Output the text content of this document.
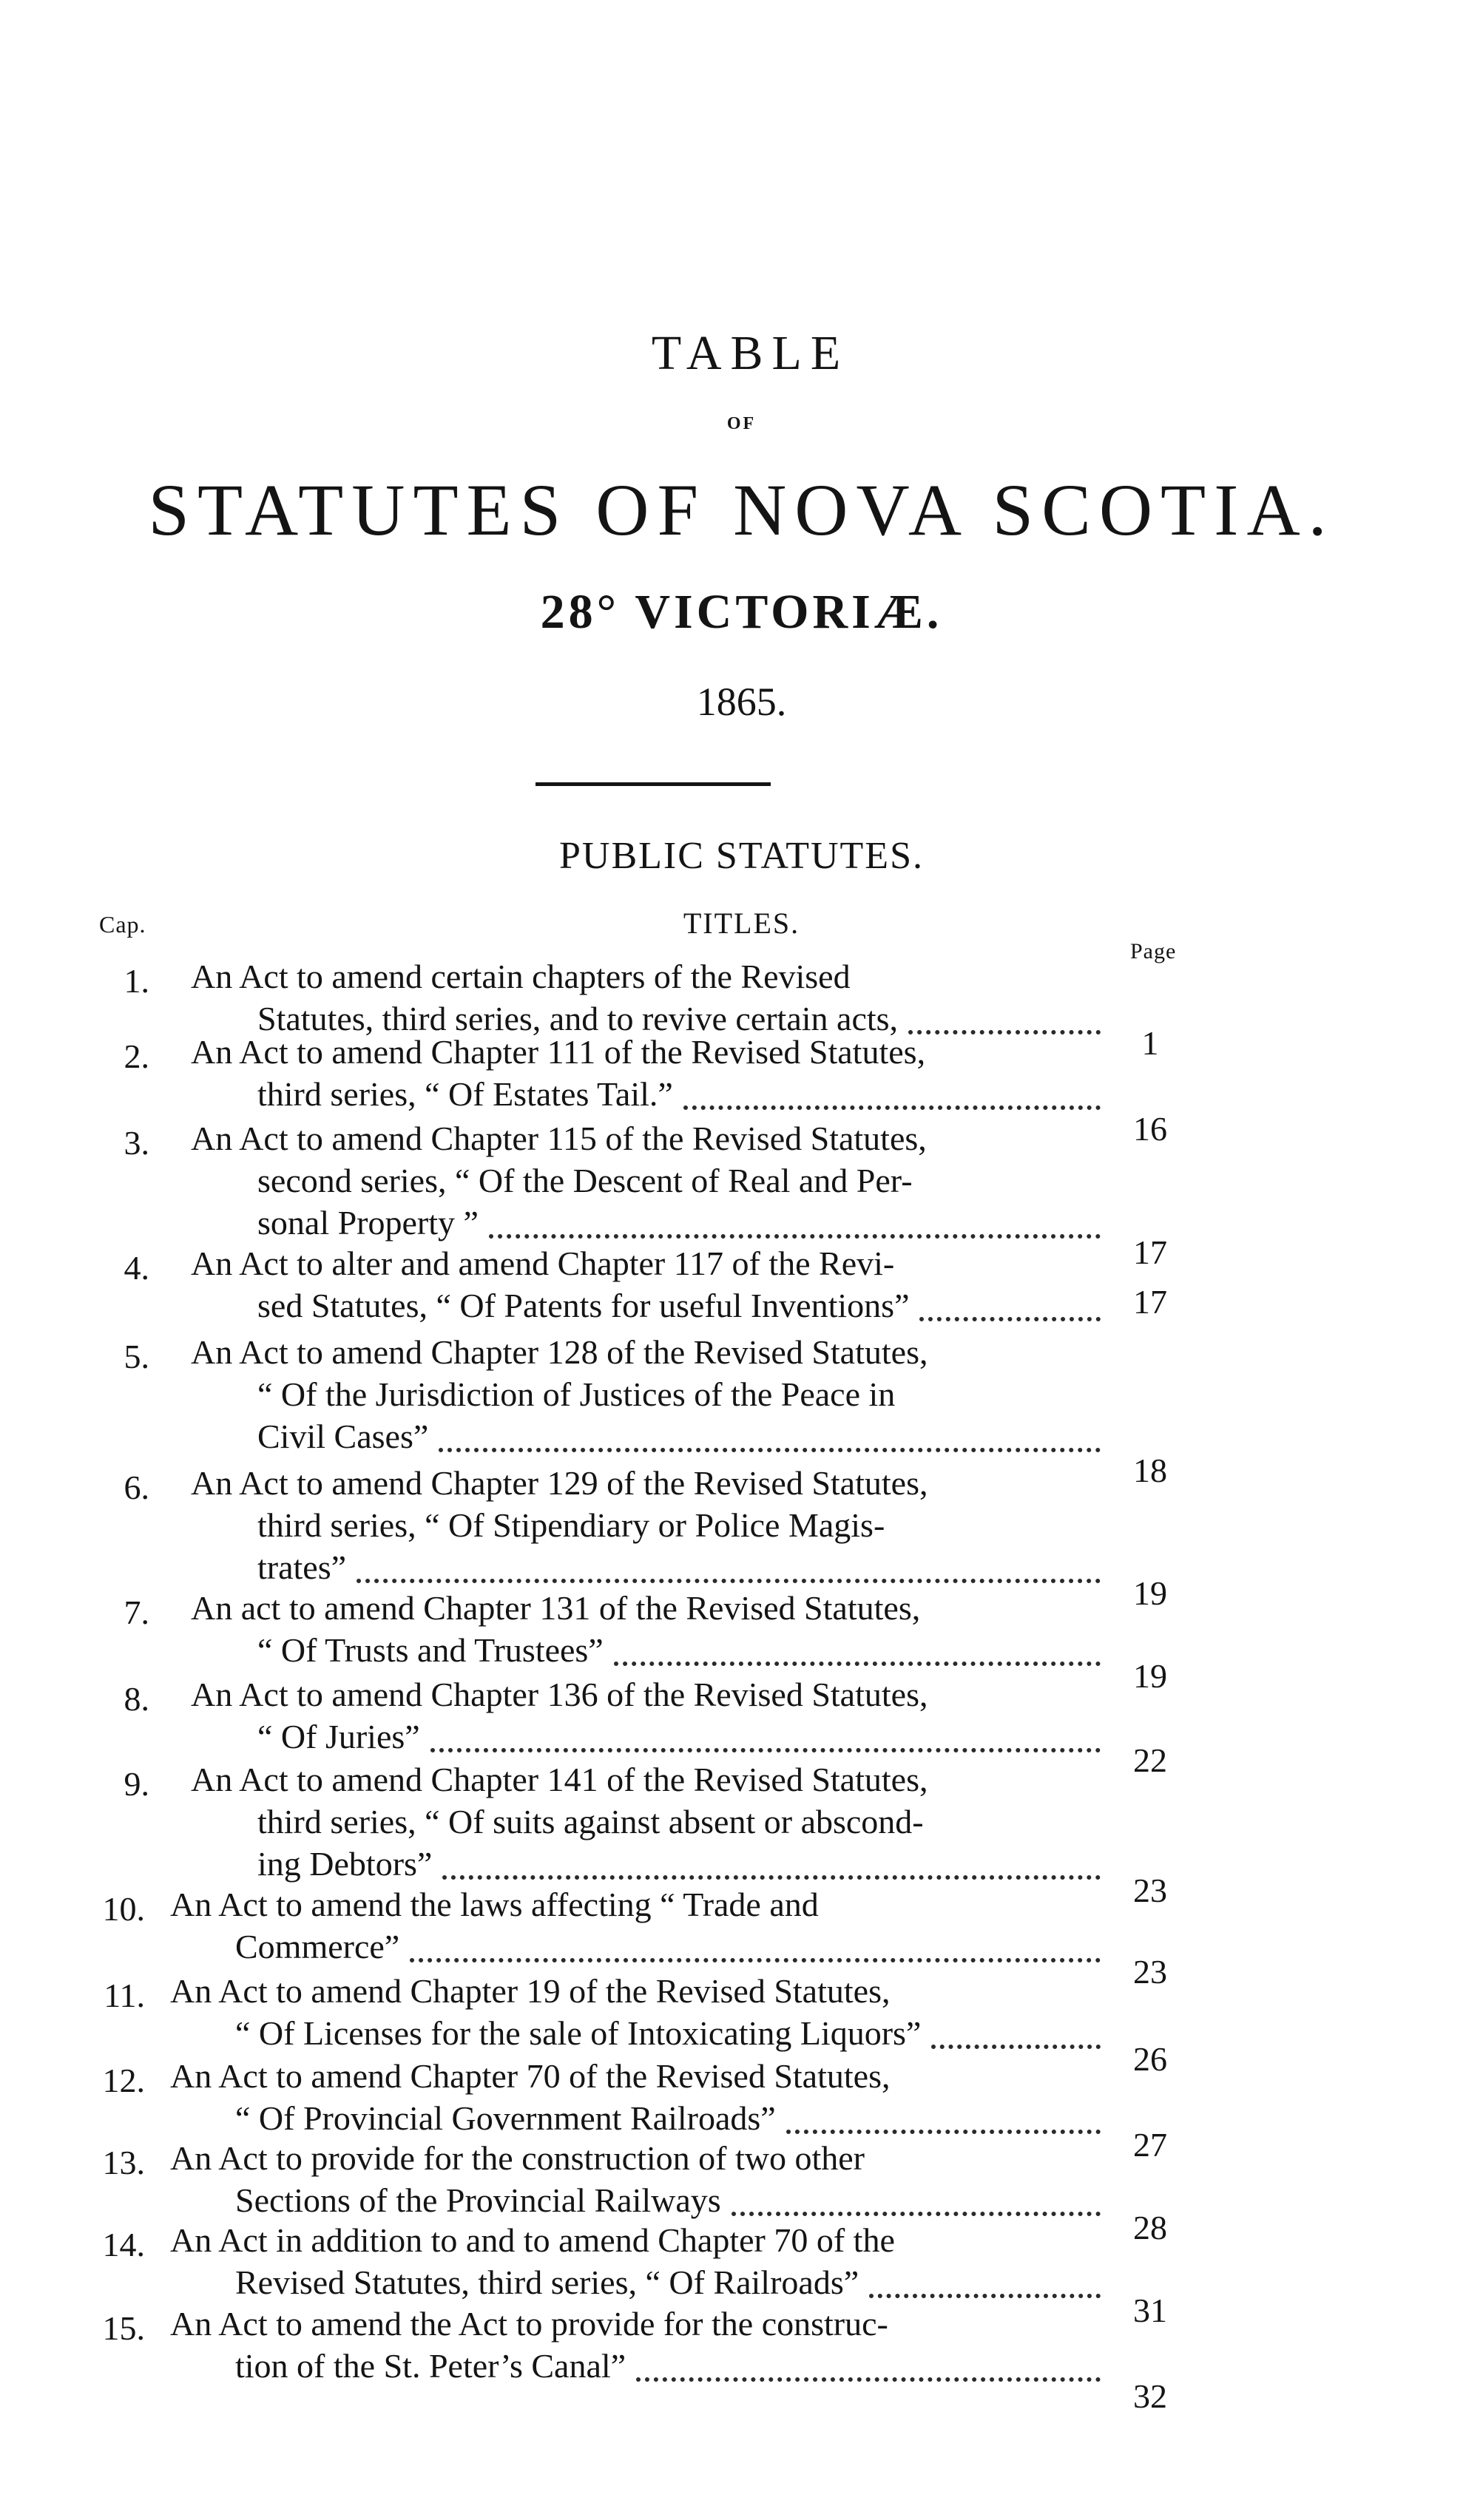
TABLE
OF
STATUTES OF NOVA SCOTIA.
28° VICTORIÆ.
1865.
PUBLIC STATUTES.
TITLES.
Cap.
Page
1. An Act to amend certain chapters of the Revised
Statutes, third series, and to revive certain acts,
1
2. An Act to amend Chapter 111 of the Revised Statutes,
third series, “ Of Estates Tail.”
16
3. An Act to amend Chapter 115 of the Revised Statutes,
second series, “ Of the Descent of Real and Per-
sonal Property ”
17
4. An Act to alter and amend Chapter 117 of the Revi-
sed Statutes, “ Of Patents for useful Inventions”	17
5. An Act to amend Chapter 128 of the Revised Statutes,
“ Of the Jurisdiction of Justices of the Peace in
Civil Cases”
18
6. An Act to amend Chapter 129 of the Revised Statutes,
third series, “ Of Stipendiary or Police Magis-
trates”
19
7. An act to amend Chapter 131 of the Revised Statutes,
“ Of Trusts and Trustees”
19
8. An Act to amend Chapter 136 of the Revised Statutes,
“ Of Juries”
22
9. An Act to amend Chapter 141 of the Revised Statutes,
third series, “ Of suits against absent or abscond-
ing Debtors”
23
10. An Act to amend the laws affecting “ Trade and
Commerce”
23
11. An Act to amend Chapter 19 of the Revised Statutes,
“ Of Licenses for the sale of Intoxicating Liquors”
26
12. An Act to amend Chapter 70 of the Revised Statutes,
“ Of Provincial Government Railroads”
27
13. An Act to provide for the construction of two other
Sections of the Provincial Railways
28
14. An Act in addition to and to amend Chapter 70 of the
Revised Statutes, third series, “ Of Railroads”
31
15. An Act to amend the Act to provide for the construc-
tion of the St. Peter’s Canal”
32
